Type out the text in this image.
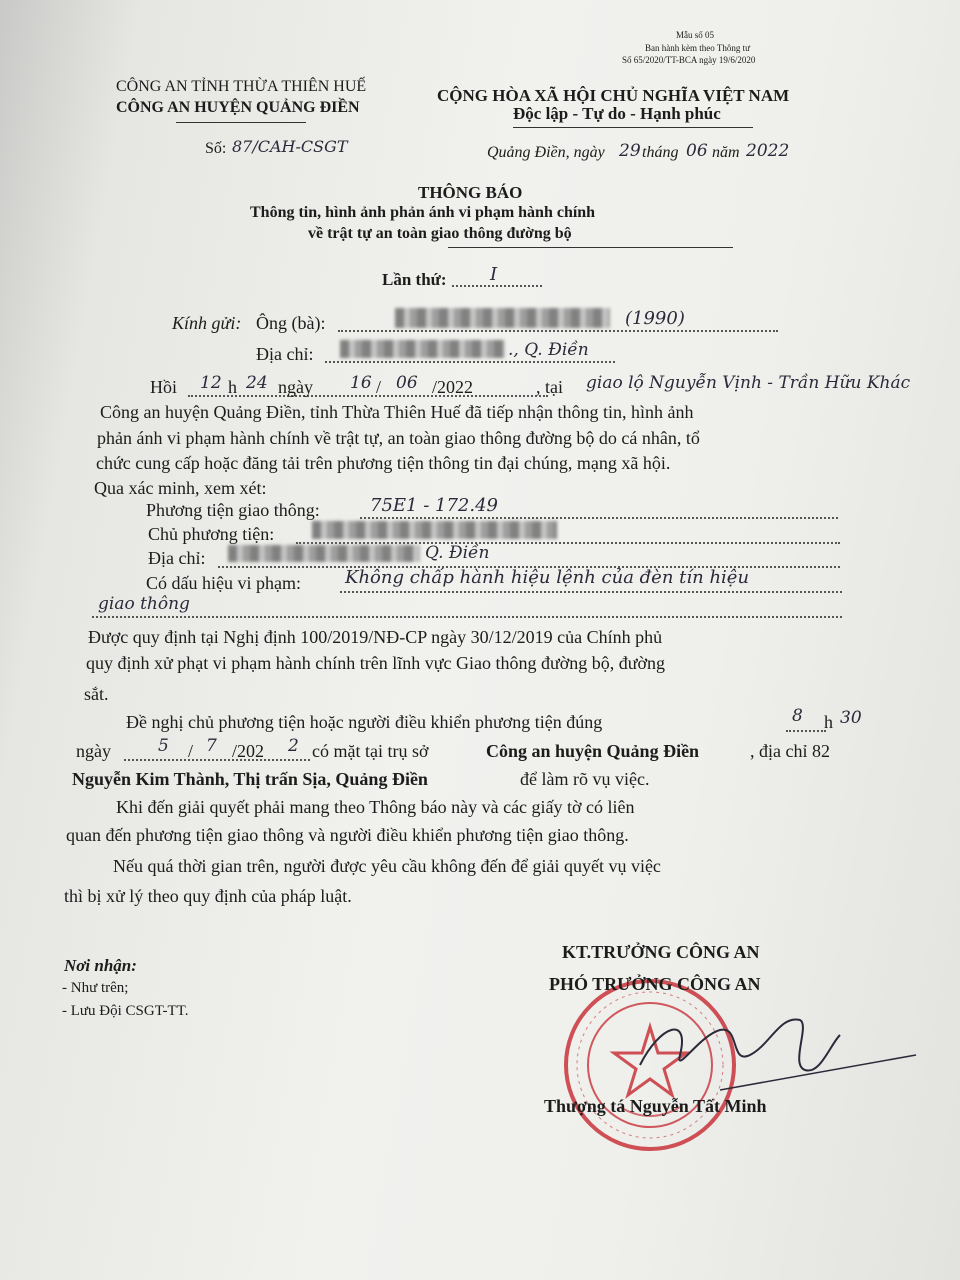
Mẫu số 05
Ban hành kèm theo Thông tư
Số 65/2020/TT-BCA ngày 19/6/2020
CÔNG AN TỈNH THỪA THIÊN HUẾ
CÔNG AN HUYỆN QUẢNG ĐIỀN
Số: 87/CAH-CSGT
CỘNG HÒA XÃ HỘI CHỦ NGHĨA VIỆT NAM
Độc lập - Tự do - Hạnh phúc
Quảng Điền, ngày 29 tháng 06 năm 2022
THÔNG BÁO
Thông tin, hình ảnh phản ánh vi phạm hành chính
về trật tự an toàn giao thông đường bộ
Lần thứ: I
Kính gửi: Ông (bà):	(1990)
Địa chỉ:	., Q. Điền
Hồi 12 h 24 ngày 16 / 06 /2022	, tại giao lộ Nguyễn Vịnh - Trần Hữu Khác
Công an huyện Quảng Điền, tỉnh Thừa Thiên Huế đã tiếp nhận thông tin, hình ảnh
phản ánh vi phạm hành chính về trật tự, an toàn giao thông đường bộ do cá nhân, tổ
chức cung cấp hoặc đăng tải trên phương tiện thông tin đại chúng, mạng xã hội.
Qua xác minh, xem xét:
Phương tiện giao thông:	75E1 - 172.49
Chủ phương tiện:
Địa chỉ:	Q. Điền
Có dấu hiệu vi phạm: Không chấp hành hiệu lệnh của đèn tín hiệu
giao thông
Được quy định tại Nghị định 100/2019/NĐ-CP ngày 30/12/2019 của Chính phủ
quy định xử phạt vi phạm hành chính trên lĩnh vực Giao thông đường bộ, đường
sắt.
Đề nghị chủ phương tiện hoặc người điều khiển phương tiện đúng	8 h 30
ngày	5 / 7 /202 2 có mặt tại trụ sở	Công an huyện Quảng Điền	, địa chỉ 82
Nguyễn Kim Thành, Thị trấn Sịa, Quảng Điền	để làm rõ vụ việc.
Khi đến giải quyết phải mang theo Thông báo này và các giấy tờ có liên
quan đến phương tiện giao thông và người điều khiển phương tiện giao thông.
Nếu quá thời gian trên, người được yêu cầu không đến để giải quyết vụ việc
thì bị xử lý theo quy định của pháp luật.
Nơi nhận:
- Như trên;
- Lưu Đội CSGT-TT.
KT.TRƯỞNG CÔNG AN
PHÓ TRƯỞNG CÔNG AN
Thượng tá Nguyễn Tất Minh
